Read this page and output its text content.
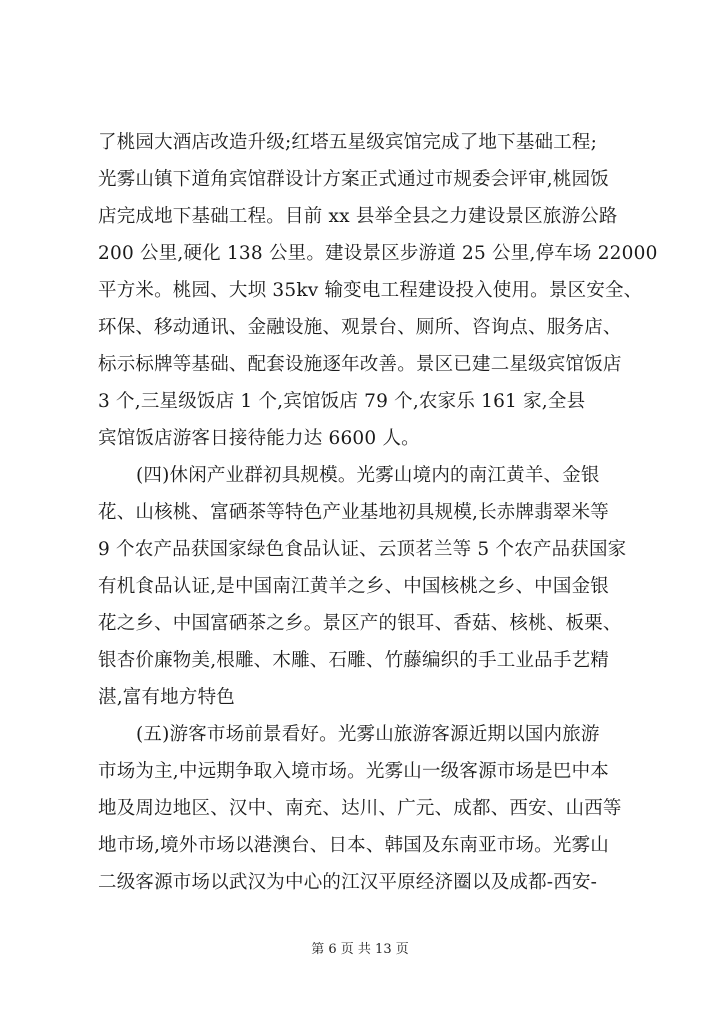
了桃园大酒店改造升级;红塔五星级宾馆完成了地下基础工程;
光雾山镇下道角宾馆群设计方案正式通过市规委会评审,桃园饭
店完成地下基础工程。目前 xx 县举全县之力建设景区旅游公路
200 公里,硬化 138 公里。建设景区步游道 25 公里,停车场 22000
平方米。桃园、大坝 35kv 输变电工程建设投入使用。景区安全、
环保、移动通讯、金融设施、观景台、厕所、咨询点、服务店、
标示标牌等基础、配套设施逐年改善。景区已建二星级宾馆饭店
3 个,三星级饭店 1 个,宾馆饭店 79 个,农家乐 161 家,全县
宾馆饭店游客日接待能力达 6600 人。
(四)休闲产业群初具规模。光雾山境内的南江黄羊、金银
花、山核桃、富硒茶等特色产业基地初具规模,长赤牌翡翠米等
9 个农产品获国家绿色食品认证、云顶茗兰等 5 个农产品获国家
有机食品认证,是中国南江黄羊之乡、中国核桃之乡、中国金银
花之乡、中国富硒茶之乡。景区产的银耳、香菇、核桃、板栗、
银杏价廉物美,根雕、木雕、石雕、竹藤编织的手工业品手艺精
湛,富有地方特色
(五)游客市场前景看好。光雾山旅游客源近期以国内旅游
市场为主,中远期争取入境市场。光雾山一级客源市场是巴中本
地及周边地区、汉中、南充、达川、广元、成都、西安、山西等
地市场,境外市场以港澳台、日本、韩国及东南亚市场。光雾山
二级客源市场以武汉为中心的江汉平原经济圈以及成都-西安-
第 6 页 共 13 页
